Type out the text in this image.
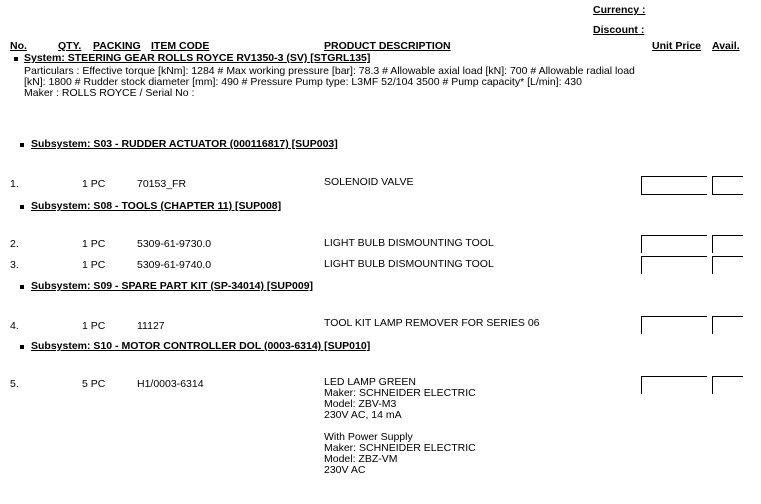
Currency :
Discount :
No.	QTY. PACKING ITEM CODE	PRODUCT DESCRIPTION	Unit Price Avail.
System: STEERING GEAR ROLLS ROYCE RV1350-3 (SV) [STGRL135]
Particulars : Effective torque [kNm]: 1284 # Max working pressure [bar]: 78.3 # Allowable axial load [kN]: 700 # Allowable radial load
[kN]: 1800 # Rudder stock diameter [mm]: 490 # Pressure Pump type: L3MF 52/104 3500 # Pump capacity* [L/min]: 430
Maker : ROLLS ROYCE / Serial No :
Subsystem: S03 - RUDDER ACTUATOR (000116817) [SUP003]
1.	1 PC	70153_FR	SOLENOID VALVE
Subsystem: S08 - TOOLS (CHAPTER 11) [SUP008]
2.	1 PC	5309-61-9730.0	LIGHT BULB DISMOUNTING TOOL
3.	1 PC	5309-61-9740.0	LIGHT BULB DISMOUNTING TOOL
Subsystem: S09 - SPARE PART KIT (SP-34014) [SUP009]
4.	1 PC	11127	TOOL KIT LAMP REMOVER FOR SERIES 06
Subsystem: S10 - MOTOR CONTROLLER DOL (0003-6314) [SUP010]
5.	5 PC	H1/0003-6314	LED LAMP GREEN
Maker: SCHNEIDER ELECTRIC
Model: ZBV-M3
230V AC, 14 mA
With Power Supply
Maker: SCHNEIDER ELECTRIC
Model: ZBZ-VM
230V AC
